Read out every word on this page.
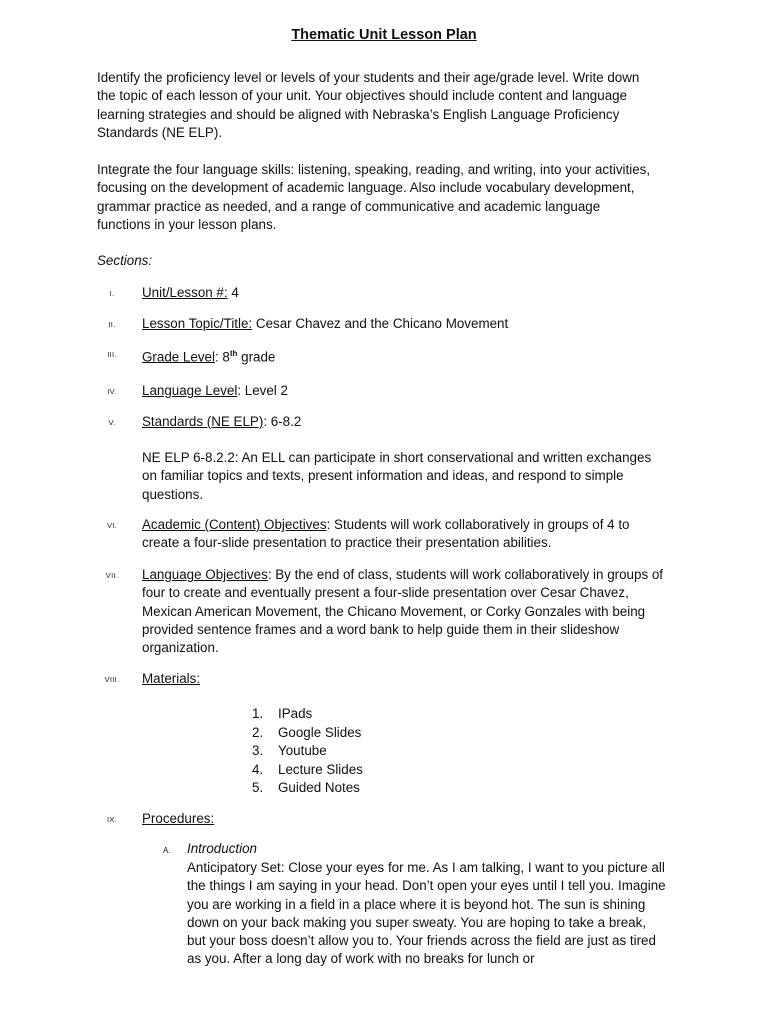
Thematic Unit Lesson Plan

Identify the proficiency level or levels of your students and their age/grade level. Write down the topic of each lesson of your unit. Your objectives should include content and language learning strategies and should be aligned with Nebraska’s English Language Proficiency Standards (NE ELP).

Integrate the four language skills: listening, speaking, reading, and writing, into your activities, focusing on the development of academic language. Also include vocabulary development, grammar practice as needed, and a range of communicative and academic language functions in your lesson plans.

Sections:
I.	Unit/Lesson #: 4
II.	Lesson Topic/Title: Cesar Chavez and the Chicano Movement
III.	Grade Level: 8th grade
IV.	Language Level: Level 2
V.	Standards (NE ELP): 6-8.2
NE ELP 6-8.2.2: An ELL can participate in short conservational and written exchanges on familiar topics and texts, present information and ideas, and respond to simple questions.
VI.	Academic (Content) Objectives: Students will work collaboratively in groups of 4 to create a four-slide presentation to practice their presentation abilities.
VII.	Language Objectives: By the end of class, students will work collaboratively in groups of four to create and eventually present a four-slide presentation over Cesar Chavez, Mexican American Movement, the Chicano Movement, or Corky Gonzales with being provided sentence frames and a word bank to help guide them in their slideshow organization.
VIII.	Materials:
1. IPads
2. Google Slides
3. Youtube
4. Lecture Slides
5. Guided Notes
IX.	Procedures:
A. Introduction

Anticipatory Set: Close your eyes for me. As I am talking, I want to you picture all the things I am saying in your head. Don’t open your eyes until I tell you. Imagine you are working in a field in a place where it is beyond hot. The sun is shining down on your back making you super sweaty. You are hoping to take a break, but your boss doesn’t allow you to. Your friends across the field are just as tired as you. After a long day of work with no breaks for lunch or
